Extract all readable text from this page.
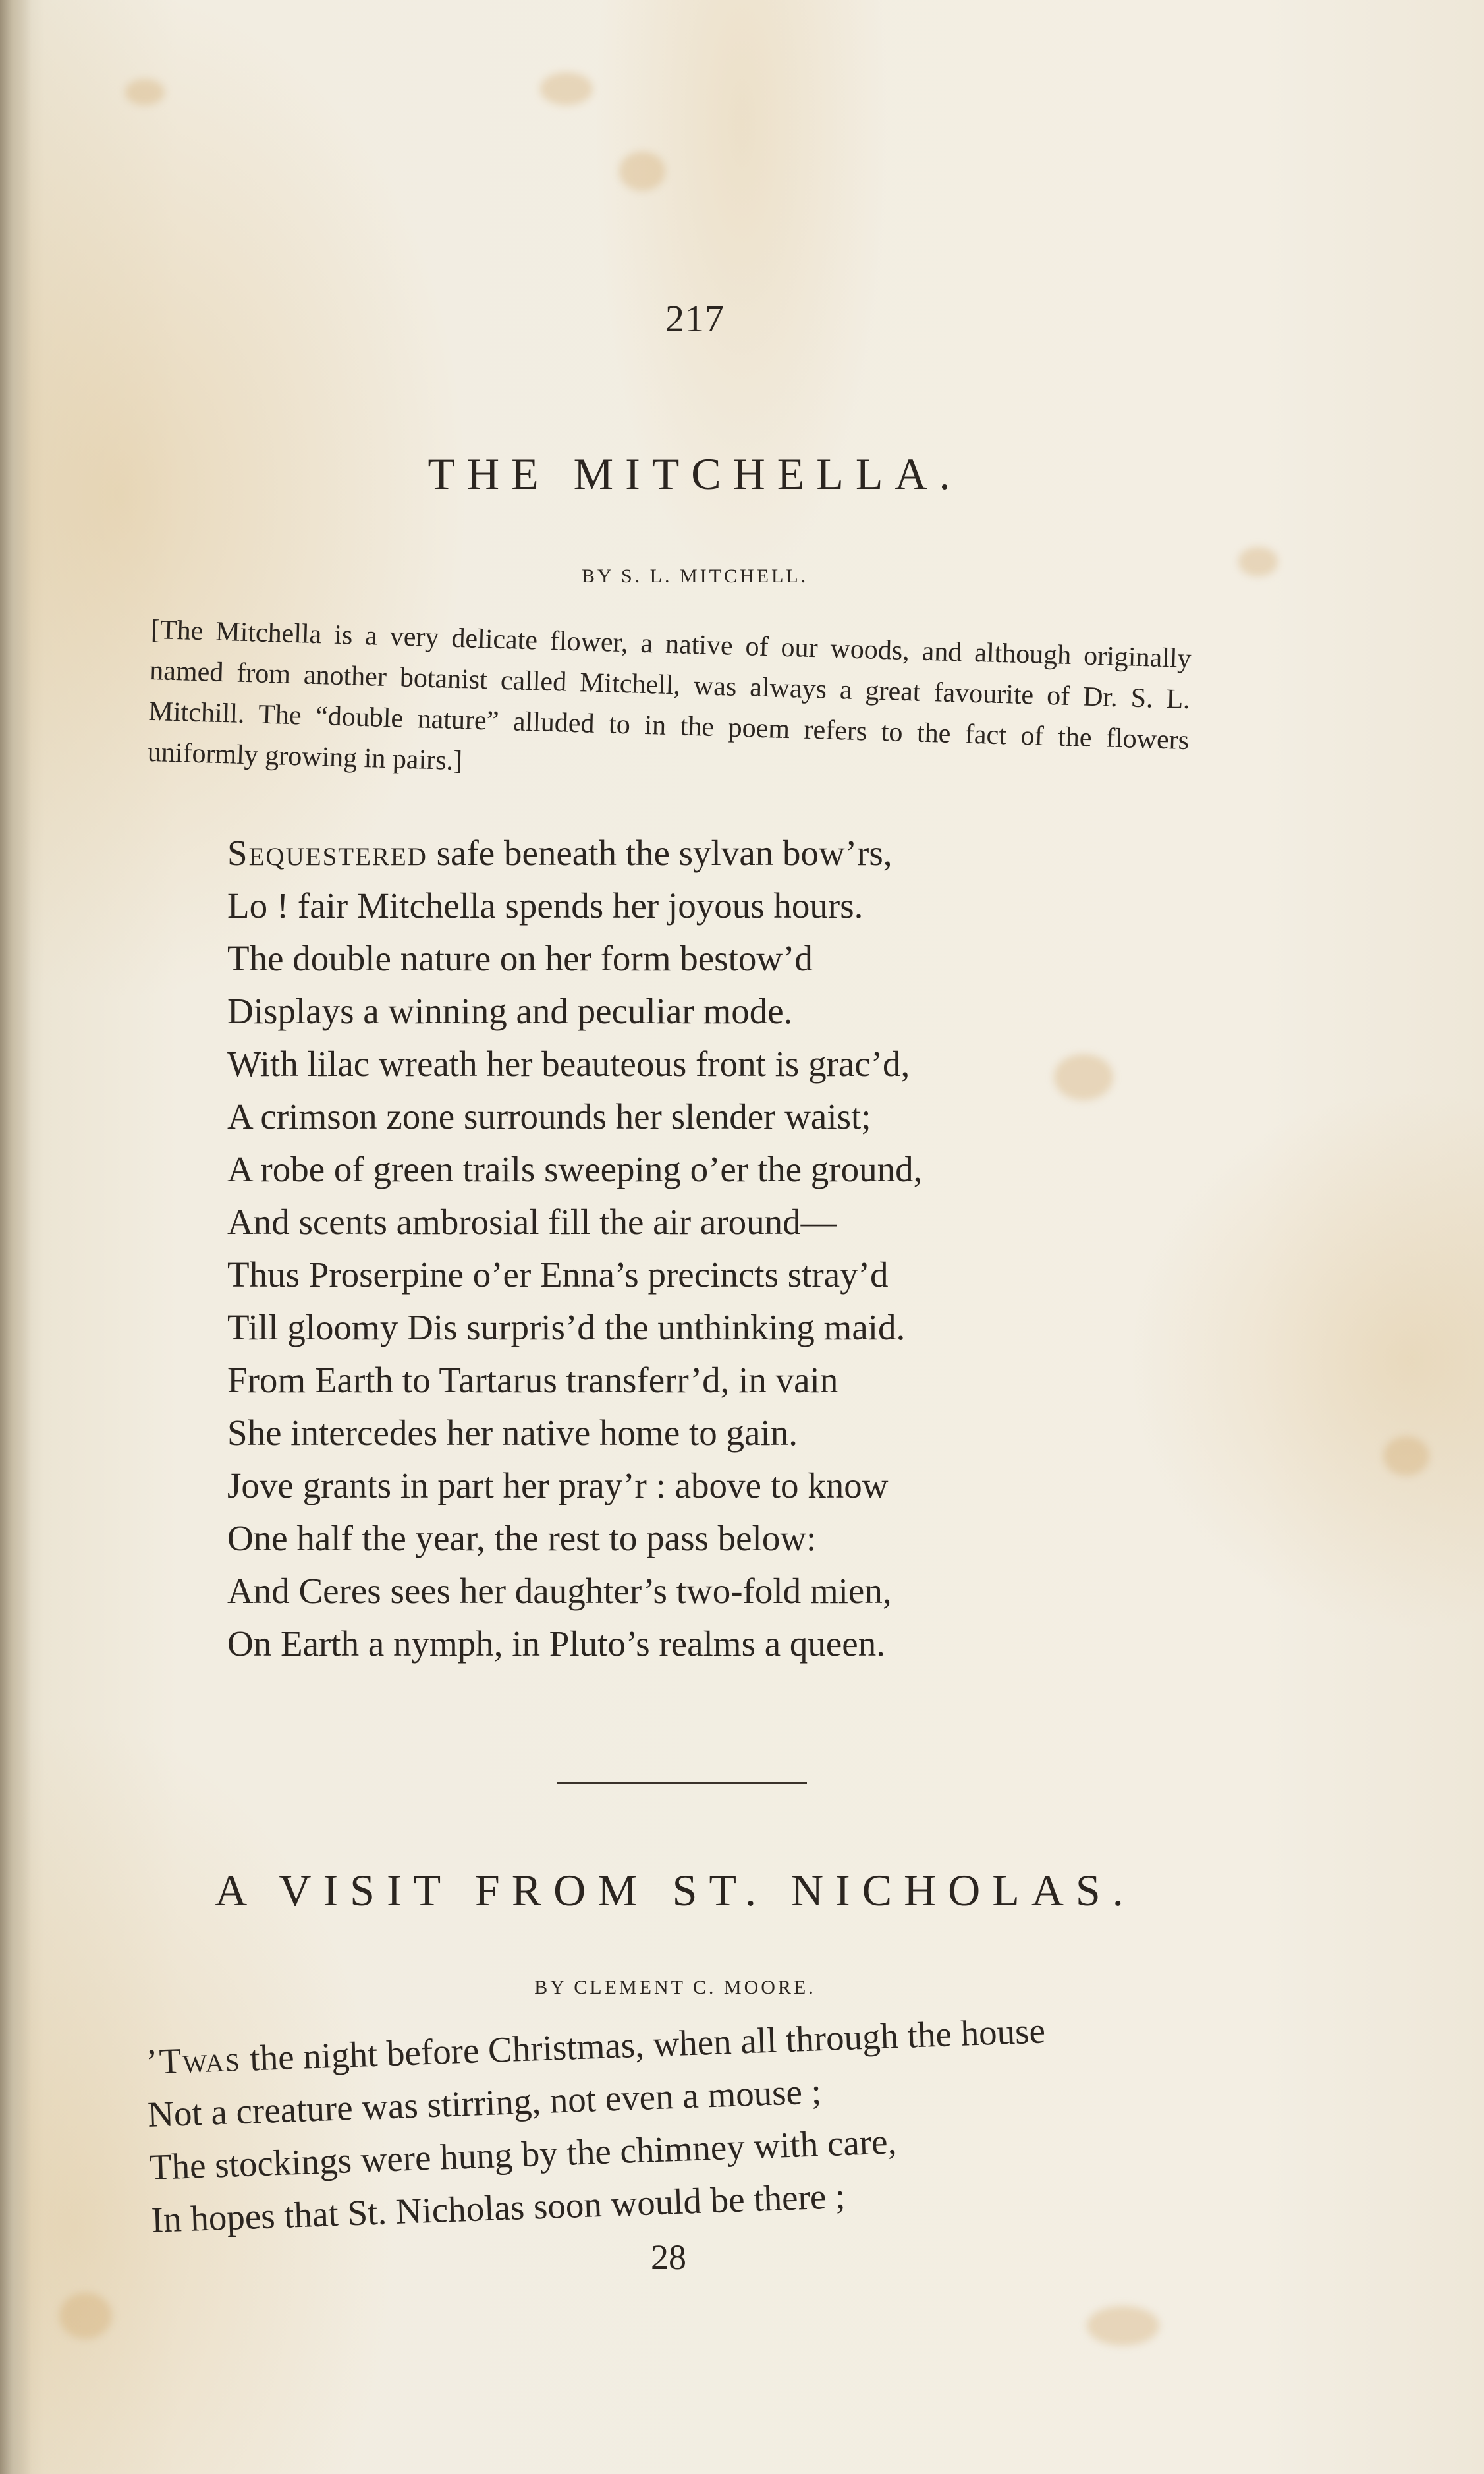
217
THE MITCHELLA.
BY S. L. MITCHELL.
[The Mitchella is a very delicate flower, a native of our woods, and although originally named from another botanist called Mitchell, was always a great favourite of Dr. S. L. Mitchill. The “double nature” alluded to in the poem refers to the fact of the flowers uniformly growing in pairs.]
Sequestered safe beneath the sylvan bow’rs,
Lo ! fair Mitchella spends her joyous hours.
The double nature on her form bestow’d
Displays a winning and peculiar mode.
With lilac wreath her beauteous front is grac’d,
A crimson zone surrounds her slender waist;
A robe of green trails sweeping o’er the ground,
And scents ambrosial fill the air around—
Thus Proserpine o’er Enna’s precincts stray’d
Till gloomy Dis surpris’d the unthinking maid.
From Earth to Tartarus transferr’d, in vain
She intercedes her native home to gain.
Jove grants in part her pray’r : above to know
One half the year, the rest to pass below:
And Ceres sees her daughter’s two-fold mien,
On Earth a nymph, in Pluto’s realms a queen.
A VISIT FROM ST. NICHOLAS.
BY CLEMENT C. MOORE.
’Twas the night before Christmas, when all through the house
Not a creature was stirring, not even a mouse ;
The stockings were hung by the chimney with care,
In hopes that St. Nicholas soon would be there ;
28
